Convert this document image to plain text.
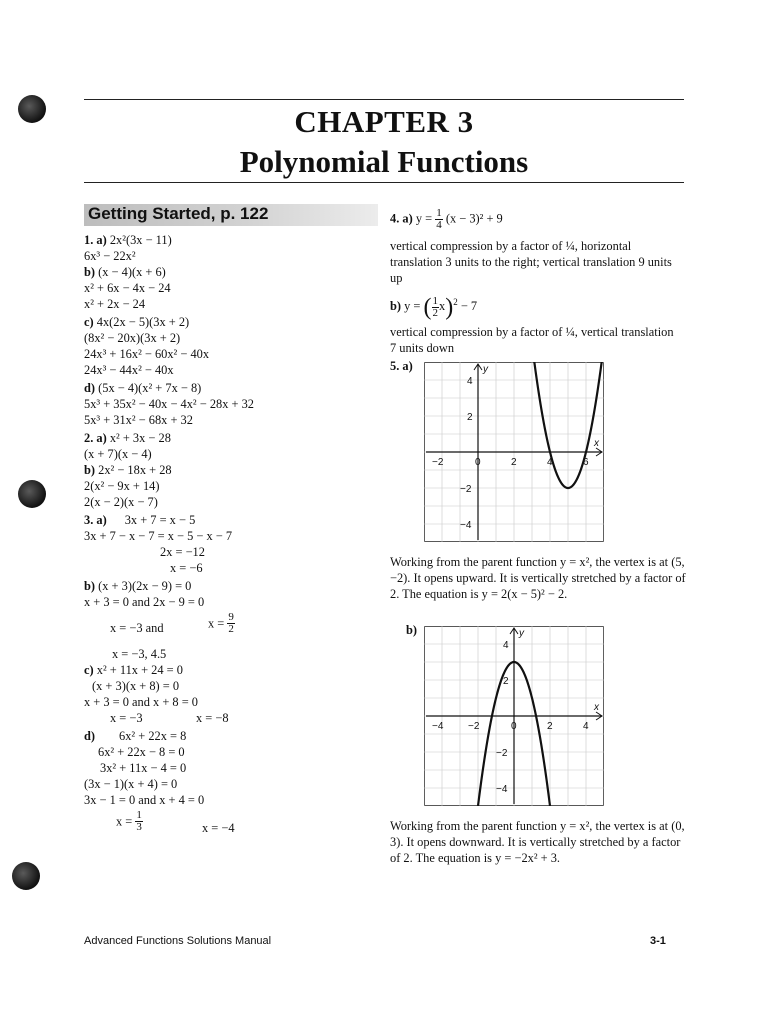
CHAPTER 3
Polynomial Functions
Getting Started, p. 122
1. a) 2x²(3x − 11)
6x³ − 22x²
b) (x − 4)(x + 6)
x² + 6x − 4x − 24
x² + 2x − 24
c) 4x(2x − 5)(3x + 2)
(8x² − 20x)(3x + 2)
24x³ + 16x² − 60x² − 40x
24x³ − 44x² − 40x
d) (5x − 4)(x² + 7x − 8)
5x³ + 35x² − 40x − 4x² − 28x + 32
5x³ + 31x² − 68x + 32
2. a) x² + 3x − 28
(x + 7)(x − 4)
b) 2x² − 18x + 28
2(x² − 9x + 14)
2(x − 2)(x − 7)
3. a) 3x + 7 = x − 5
3x + 7 − x − 7 = x − 5 − x − 7
2x = −12
x = −6
b) (x + 3)(2x − 9) = 0
x + 3 = 0 and 2x − 9 = 0
x = −3 and	$x = \frac{9}{2}$
x = −3, 4.5
c) x² + 11x + 24 = 0
(x + 3)(x + 8) = 0
x + 3 = 0 and x + 8 = 0
x = −3	x = −8
d) 6x² + 22x = 8
6x² + 22x − 8 = 0
3x² + 11x − 4 = 0
(3x − 1)(x + 4) = 0
3x − 1 = 0 and x + 4 = 0
$x = \frac{1}{3}$	x = −4
4. a) $y = \frac{1}{4} (x - 3)^2 + 9$
vertical compression by a factor of ¼, horizontal translation 3 units to the right; vertical translation 9 units up
b) y = ( $\frac{1}{2} x)^2 - 7$
vertical compression by a factor of ¼, vertical translation 7 units down
5. a)
Working from the parent function y = x², the vertex is at (5, −2). It opens upward. It is vertically stretched by a factor of 2. The equation is y = 2(x − 5)² − 2.
b)
Working from the parent function y = x², the vertex is at (0, 3). It opens downward. It is vertically stretched by a factor of 2. The equation is y = −2x² + 3.
x
y
−2	0	2	4	6
4
2
−2
−4
x
y
−4 −2	0	2	4
4
2
−2
−4
Advanced Functions Solutions Manual	3-1
